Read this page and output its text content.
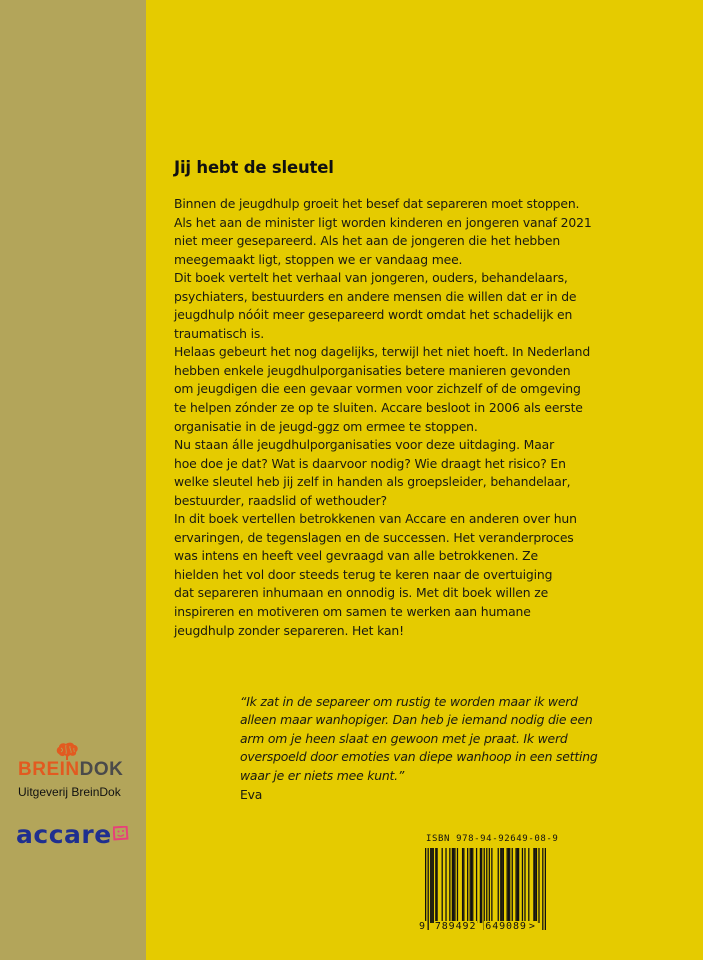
Jij hebt de sleutel
Binnen de jeugdhulp groeit het besef dat separeren moet stoppen.
Als het aan de minister ligt worden kinderen en jongeren vanaf 2021
niet meer gesepareerd. Als het aan de jongeren die het hebben
meegemaakt ligt, stoppen we er vandaag mee.
Dit boek vertelt het verhaal van jongeren, ouders, behandelaars,
psychiaters, bestuurders en andere mensen die willen dat er in de
jeugdhulp nóóit meer gesepareerd wordt omdat het schadelijk en
traumatisch is.
Helaas gebeurt het nog dagelijks, terwijl het niet hoeft. In Nederland
hebben enkele jeugdhulporganisaties betere manieren gevonden
om jeugdigen die een gevaar vormen voor zichzelf of de omgeving
te helpen zónder ze op te sluiten. Accare besloot in 2006 als eerste
organisatie in de jeugd-ggz om ermee te stoppen.
Nu staan álle jeugdhulporganisaties voor deze uitdaging. Maar
hoe doe je dat? Wat is daarvoor nodig? Wie draagt het risico? En
welke sleutel heb jij zelf in handen als groepsleider, behandelaar,
bestuurder, raadslid of wethouder?
In dit boek vertellen betrokkenen van Accare en anderen over hun
ervaringen, de tegenslagen en de successen. Het veranderproces
was intens en heeft veel gevraagd van alle betrokkenen. Ze
hielden het vol door steeds terug te keren naar de overtuiging
dat separeren inhumaan en onnodig is. Met dit boek willen ze
inspireren en motiveren om samen te werken aan humane
jeugdhulp zonder separeren. Het kan!
“Ik zat in de separeer om rustig te worden maar ik werd
alleen maar wanhopiger. Dan heb je iemand nodig die een
arm om je heen slaat en gewoon met je praat. Ik werd
overspoeld door emoties van diepe wanhoop in een setting
waar je er niets mee kunt.”
Eva
BREINDOK
Uitgeverij BreinDok
accare	ISBN 978-94-92649-08-9
9 789492 649089 >
